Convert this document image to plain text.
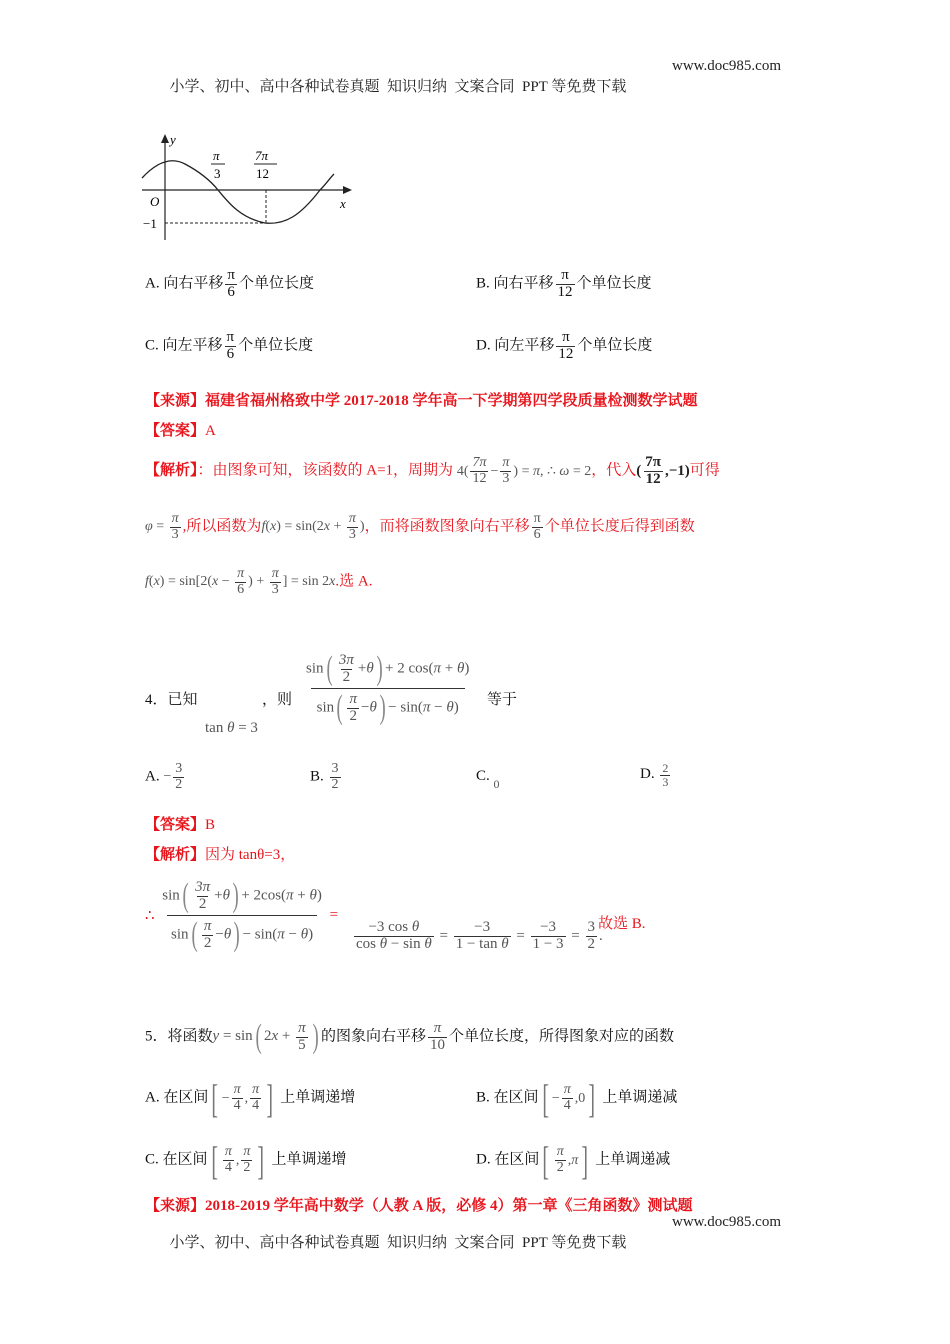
小学、初中、高中各种试卷真题  知识归纳  文案合同  PPT 等免费下载

www.doc985.com
y
x
O
−1
π
3
7π
12
A. 向右平移 $\frac{\pi}{6}$ 个单位长度	B. 向右平移 $\frac{\pi}{12}$ 个单位长度
C. 向左平移 $\frac{\pi}{6}$ 个单位长度	D. 向左平移 $\frac{\pi}{12}$ 个单位长度
【来源】福建省福州格致中学 2017-2018 学年高一下学期第四学段质量检测数学试题
【答案】A
【解析】：由图象可知，该函数的 A=1，周期为 $4( \frac{7\pi}{12} - \frac{\pi}{3}$ ) = π, ∴ ω = 2，代入( $\frac{7\pi}{12} ,-1$)可得
$\varphi = \frac{\pi}{3}$ ,所以函数为$f(x) = \sin(2x + \frac{\pi}{3}$ )，而将函数图象向右平移 $\frac{\pi}{6}$ 个单位长度后得到函数
$f(x) = \sin[2(x - \frac{\pi}{6}$ ) + $\frac{\pi}{3}$ ] = sin 2x.选 A.
4．已知
tan θ = 3
，则 $\frac{\sin( \frac{3\pi}{2} +\theta) + 2 \cos(\pi + \theta)}{\sin( \frac{\pi}{2} -\theta) - \sin(\pi - \theta)}$ 等于
A. − $\frac{3}{2}$	B. $\frac{3}{2}$	C. $_0$
D. $\frac{2}{3}$
【答案】B
【解析】因为 tanθ=3，
∴ $\frac{\sin( \frac{3\pi}{2} +\theta) + 2\cos(\pi + \theta)}{\sin( \frac{\pi}{2} -\theta) - \sin(\pi - \theta)}$ =
$\frac{\text{−3 cos θ}}{\text{cos θ − sin θ}} = \frac{-3}{\text{1 − tan θ}} = \frac{-3}{1 - 3} = \frac{3}{2}$ .
故选 B.
5．将函数y = sin( $2x + \frac{\pi}{5}$ ) 的图象向右平移 $\frac{\pi}{10}$ 个单位长度，所得图象对应的函数
A. 在区间[ − $\frac{\pi}{4}$ , $\frac{\pi}{4}$ ] 上单调递增	B. 在区间[ − $\frac{\pi}{4} ,0$] 上单调递减
C. 在区间[ $\frac{\pi}{4}$ , $\frac{\pi}{2}$ ] 上单调递增	D. 在区间[ $\frac{\pi}{2} ,\pi$] 上单调递减
【来源】2018-2019 学年高中数学（人教 A 版，必修 4）第一章《三角函数》测试题

小学、初中、高中各种试卷真题  知识归纳  文案合同  PPT 等免费下载

www.doc985.com
